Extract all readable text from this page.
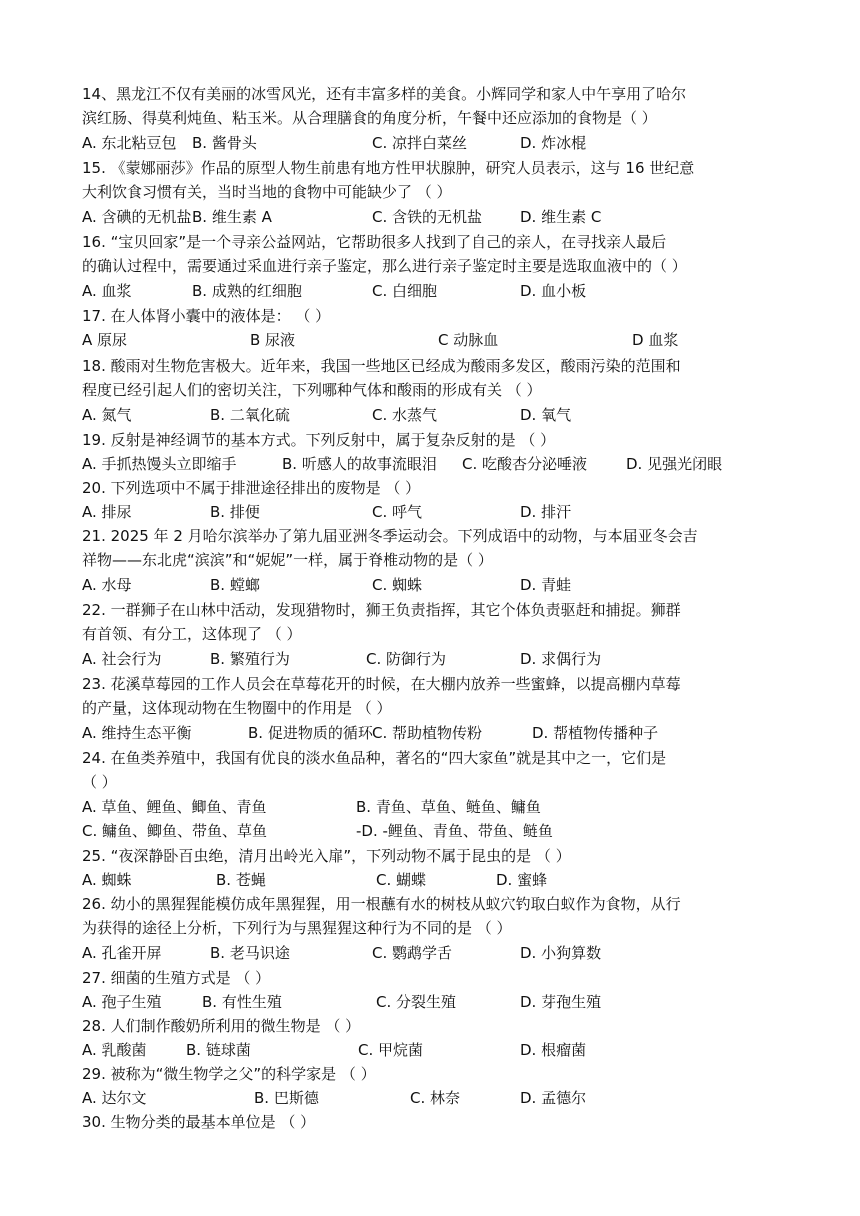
14、黑龙江不仅有美丽的冰雪风光，还有丰富多样的美食。小辉同学和家人中午享用了哈尔
滨红肠、得莫利炖鱼、粘玉米。从合理膳食的角度分析，午餐中还应添加的食物是（ ）
A. 东北粘豆包 B. 酱骨头	C. 凉拌白菜丝	D. 炸冰棍
15. 《蒙娜丽莎》作品的原型人物生前患有地方性甲状腺肿，研究人员表示，这与 16 世纪意
大利饮食习惯有关，当时当地的食物中可能缺少了 （ ）
A. 含碘的无机盐 B. 维生素 A	C. 含铁的无机盐	D. 维生素 C
16. “宝贝回家”是一个寻亲公益网站，它帮助很多人找到了自己的亲人，在寻找亲人最后
的确认过程中，需要通过采血进行亲子鉴定，那么进行亲子鉴定时主要是选取血液中的（ ）
A. 血浆	B. 成熟的红细胞	C. 白细胞	D. 血小板
17. 在人体肾小囊中的液体是： （ ）
A 原尿	B 尿液	C 动脉血	D 血浆
18. 酸雨对生物危害极大。近年来，我国一些地区已经成为酸雨多发区，酸雨污染的范围和
程度已经引起人们的密切关注，下列哪种气体和酸雨的形成有关 （ ）
A. 氮气	B. 二氧化硫	C. 水蒸气	D. 氧气
19. 反射是神经调节的基本方式。下列反射中，属于复杂反射的是 （ ）
A. 手抓热馒头立即缩手	B. 听感人的故事流眼泪 C. 吃酸杏分泌唾液	D. 见强光闭眼
20. 下列选项中不属于排泄途径排出的废物是 （ ）
A. 排尿	B. 排便	C. 呼气	D. 排汗
21. 2025 年 2 月哈尔滨举办了第九届亚洲冬季运动会。下列成语中的动物，与本届亚冬会吉
祥物——东北虎“滨滨”和“妮妮”一样，属于脊椎动物的是（ ）
A. 水母	B. 螳螂	C. 蜘蛛	D. 青蛙
22. 一群狮子在山林中活动，发现猎物时，狮王负责指挥，其它个体负责驱赶和捕捉。狮群
有首领、有分工，这体现了 （ ）
A. 社会行为	B. 繁殖行为	C. 防御行为	D. 求偶行为
23. 花溪草莓园的工作人员会在草莓花开的时候，在大棚内放养一些蜜蜂，以提高棚内草莓
的产量，这体现动物在生物圈中的作用是 （ ）
A. 维持生态平衡	B. 促进物质的循环 C. 帮助植物传粉	D. 帮植物传播种子
24. 在鱼类养殖中，我国有优良的淡水鱼品种，著名的“四大家鱼”就是其中之一，它们是
（ ）
A. 草鱼、鲤鱼、鲫鱼、青鱼	B. 青鱼、草鱼、鲢鱼、鳙鱼
C. 鳙鱼、鲫鱼、带鱼、草鱼	-D. -鲤鱼、青鱼、带鱼、鲢鱼
25. “夜深静卧百虫绝，清月出岭光入扉”，下列动物不属于昆虫的是 （ ）
A. 蜘蛛	B. 苍蝇	C. 蝴蝶	D. 蜜蜂
26. 幼小的黑猩猩能模仿成年黑猩猩，用一根蘸有水的树枝从蚁穴钓取白蚁作为食物，从行
为获得的途径上分析，下列行为与黑猩猩这种行为不同的是 （ ）
A. 孔雀开屏	B. 老马识途	C. 鹦鹉学舌	D. 小狗算数
27. 细菌的生殖方式是 （ ）
A. 孢子生殖	B. 有性生殖	C. 分裂生殖	D. 芽孢生殖
28. 人们制作酸奶所利用的微生物是 （ ）
A. 乳酸菌	B. 链球菌	C. 甲烷菌	D. 根瘤菌
29. 被称为“微生物学之父”的科学家是 （ ）
A. 达尔文	B. 巴斯德	C. 林奈	D. 孟德尔
30. 生物分类的最基本单位是 （ ）
